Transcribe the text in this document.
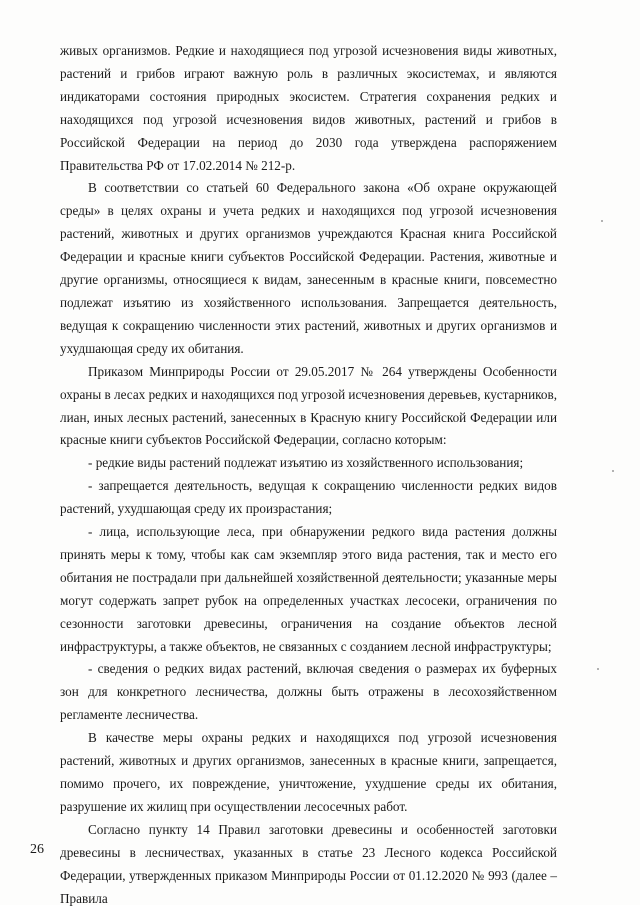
живых организмов. Редкие и находящиеся под угрозой исчезновения виды животных, растений и грибов играют важную роль в различных экосистемах, и являются индикаторами состояния природных экосистем. Стратегия сохранения редких и находящихся под угрозой исчезновения видов животных, растений и грибов в Российской Федерации на период до 2030 года утверждена распоряжением Правительства РФ от 17.02.2014 № 212-р.

В соответствии со статьей 60 Федерального закона «Об охране окружающей среды» в целях охраны и учета редких и находящихся под угрозой исчезновения растений, животных и других организмов учреждаются Красная книга Российской Федерации и красные книги субъектов Российской Федерации. Растения, животные и другие организмы, относящиеся к видам, занесенным в красные книги, повсеместно подлежат изъятию из хозяйственного использования. Запрещается деятельность, ведущая к сокращению численности этих растений, животных и других организмов и ухудшающая среду их обитания.

Приказом Минприроды России от 29.05.2017 № 264 утверждены Особенности охраны в лесах редких и находящихся под угрозой исчезновения деревьев, кустарников, лиан, иных лесных растений, занесенных в Красную книгу Российской Федерации или красные книги субъектов Российской Федерации, согласно которым:

- редкие виды растений подлежат изъятию из хозяйственного использования;

- запрещается деятельность, ведущая к сокращению численности редких видов растений, ухудшающая среду их произрастания;

- лица, использующие леса, при обнаружении редкого вида растения должны принять меры к тому, чтобы как сам экземпляр этого вида растения, так и место его обитания не пострадали при дальнейшей хозяйственной деятельности; указанные меры могут содержать запрет рубок на определенных участках лесосеки, ограничения по сезонности заготовки древесины, ограничения на создание объектов лесной инфраструктуры, а также объектов, не связанных с созданием лесной инфраструктуры;

- сведения о редких видах растений, включая сведения о размерах их буферных зон для конкретного лесничества, должны быть отражены в лесохозяйственном регламенте лесничества.

В качестве меры охраны редких и находящихся под угрозой исчезновения растений, животных и других организмов, занесенных в красные книги, запрещается, помимо прочего, их повреждение, уничтожение, ухудшение среды их обитания, разрушение их жилищ при осуществлении лесосечных работ.

Согласно пункту 14 Правил заготовки древесины и особенностей заготовки древесины в лесничествах, указанных в статье 23 Лесного кодекса Российской Федерации, утвержденных приказом Минприроды России от 01.12.2020 № 993 (далее – Правила

26
